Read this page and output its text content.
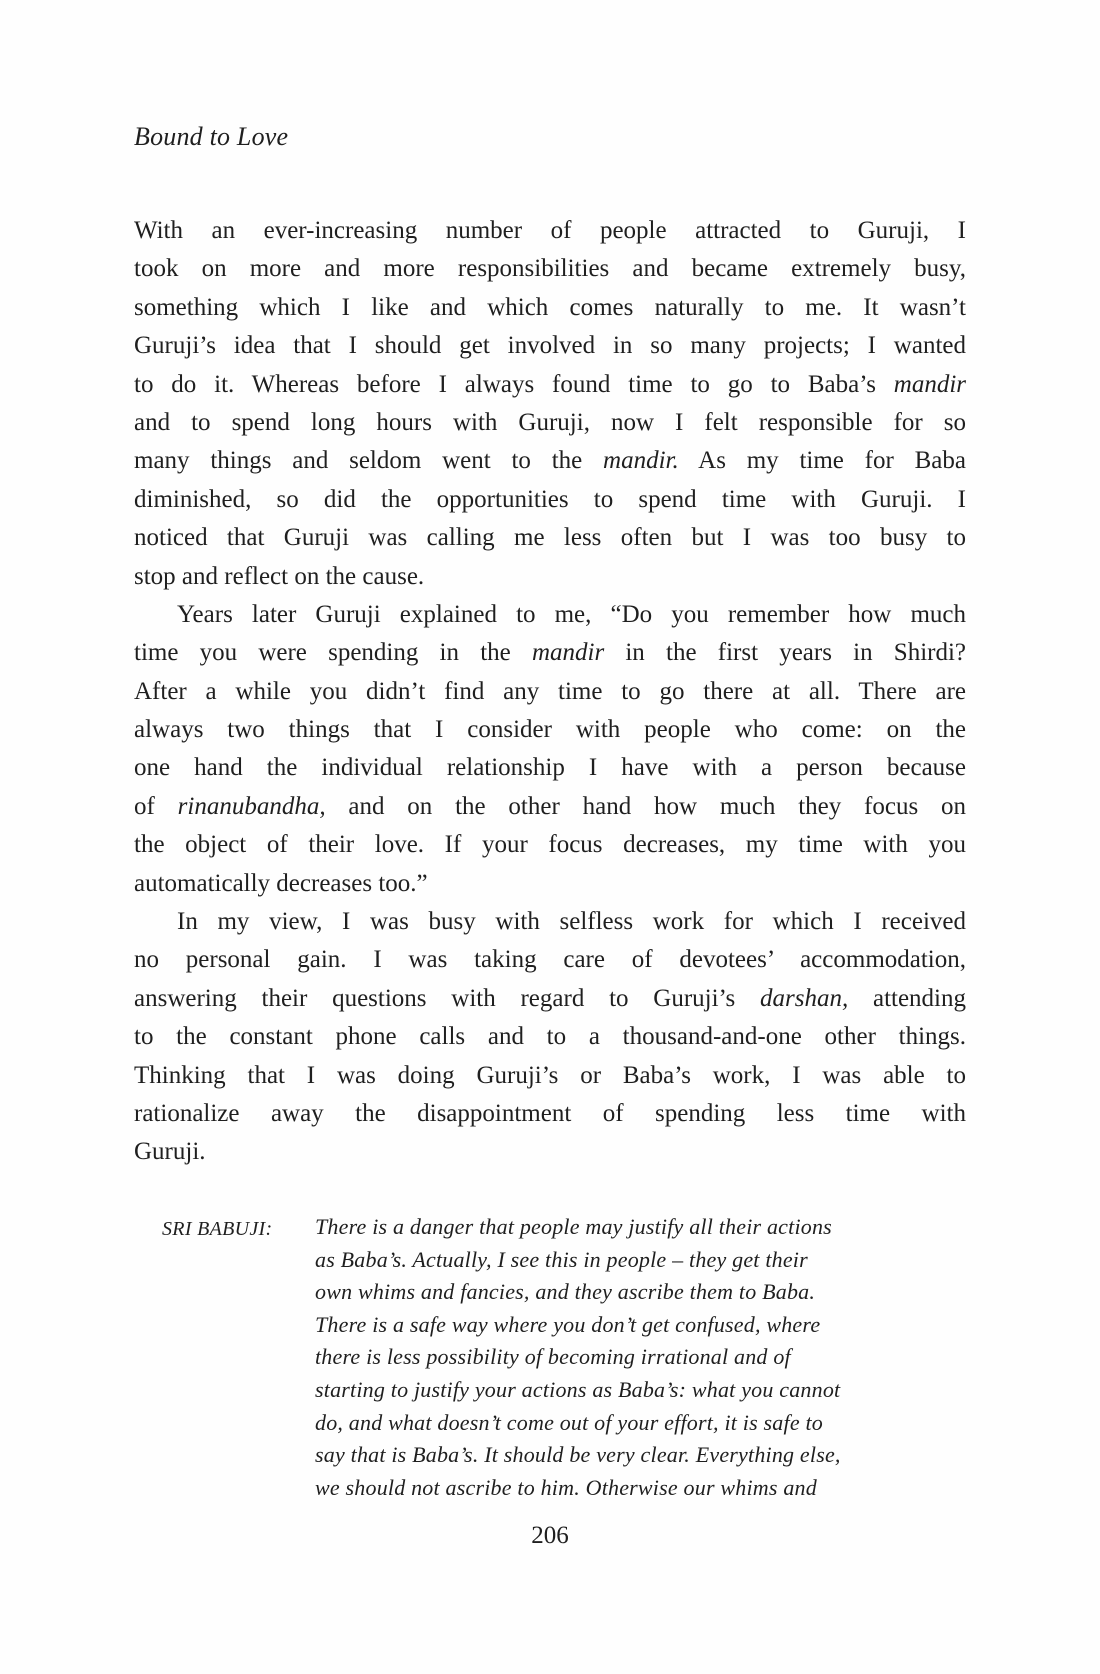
Bound to Love
With an ever-increasing number of people attracted to Guruji, I
took on more and more responsibilities and became extremely busy,
something which I like and which comes naturally to me. It wasn’t
Guruji’s idea that I should get involved in so many projects; I wanted
to do it. Whereas before I always found time to go to Baba’s mandir
and to spend long hours with Guruji, now I felt responsible for so
many things and seldom went to the mandir. As my time for Baba
diminished, so did the opportunities to spend time with Guruji. I
noticed that Guruji was calling me less often but I was too busy to
stop and reflect on the cause.
Years later Guruji explained to me, “Do you remember how much
time you were spending in the mandir in the first years in Shirdi?
After a while you didn’t find any time to go there at all. There are
always two things that I consider with people who come: on the
one hand the individual relationship I have with a person because
of rinanubandha, and on the other hand how much they focus on
the object of their love. If your focus decreases, my time with you
automatically decreases too.”
In my view, I was busy with selfless work for which I received
no personal gain. I was taking care of devotees’ accommodation,
answering their questions with regard to Guruji’s darshan, attending
to the constant phone calls and to a thousand-and-one other things.
Thinking that I was doing Guruji’s or Baba’s work, I was able to
rationalize away the disappointment of spending less time with
Guruji.
SRI BABUJI: There is a danger that people may justify all their actions
as Baba’s. Actually, I see this in people – they get their
own whims and fancies, and they ascribe them to Baba.
There is a safe way where you don’t get confused, where
there is less possibility of becoming irrational and of
starting to justify your actions as Baba’s: what you cannot
do, and what doesn’t come out of your effort, it is safe to
say that is Baba’s. It should be very clear. Everything else,
we should not ascribe to him. Otherwise our whims and
206
